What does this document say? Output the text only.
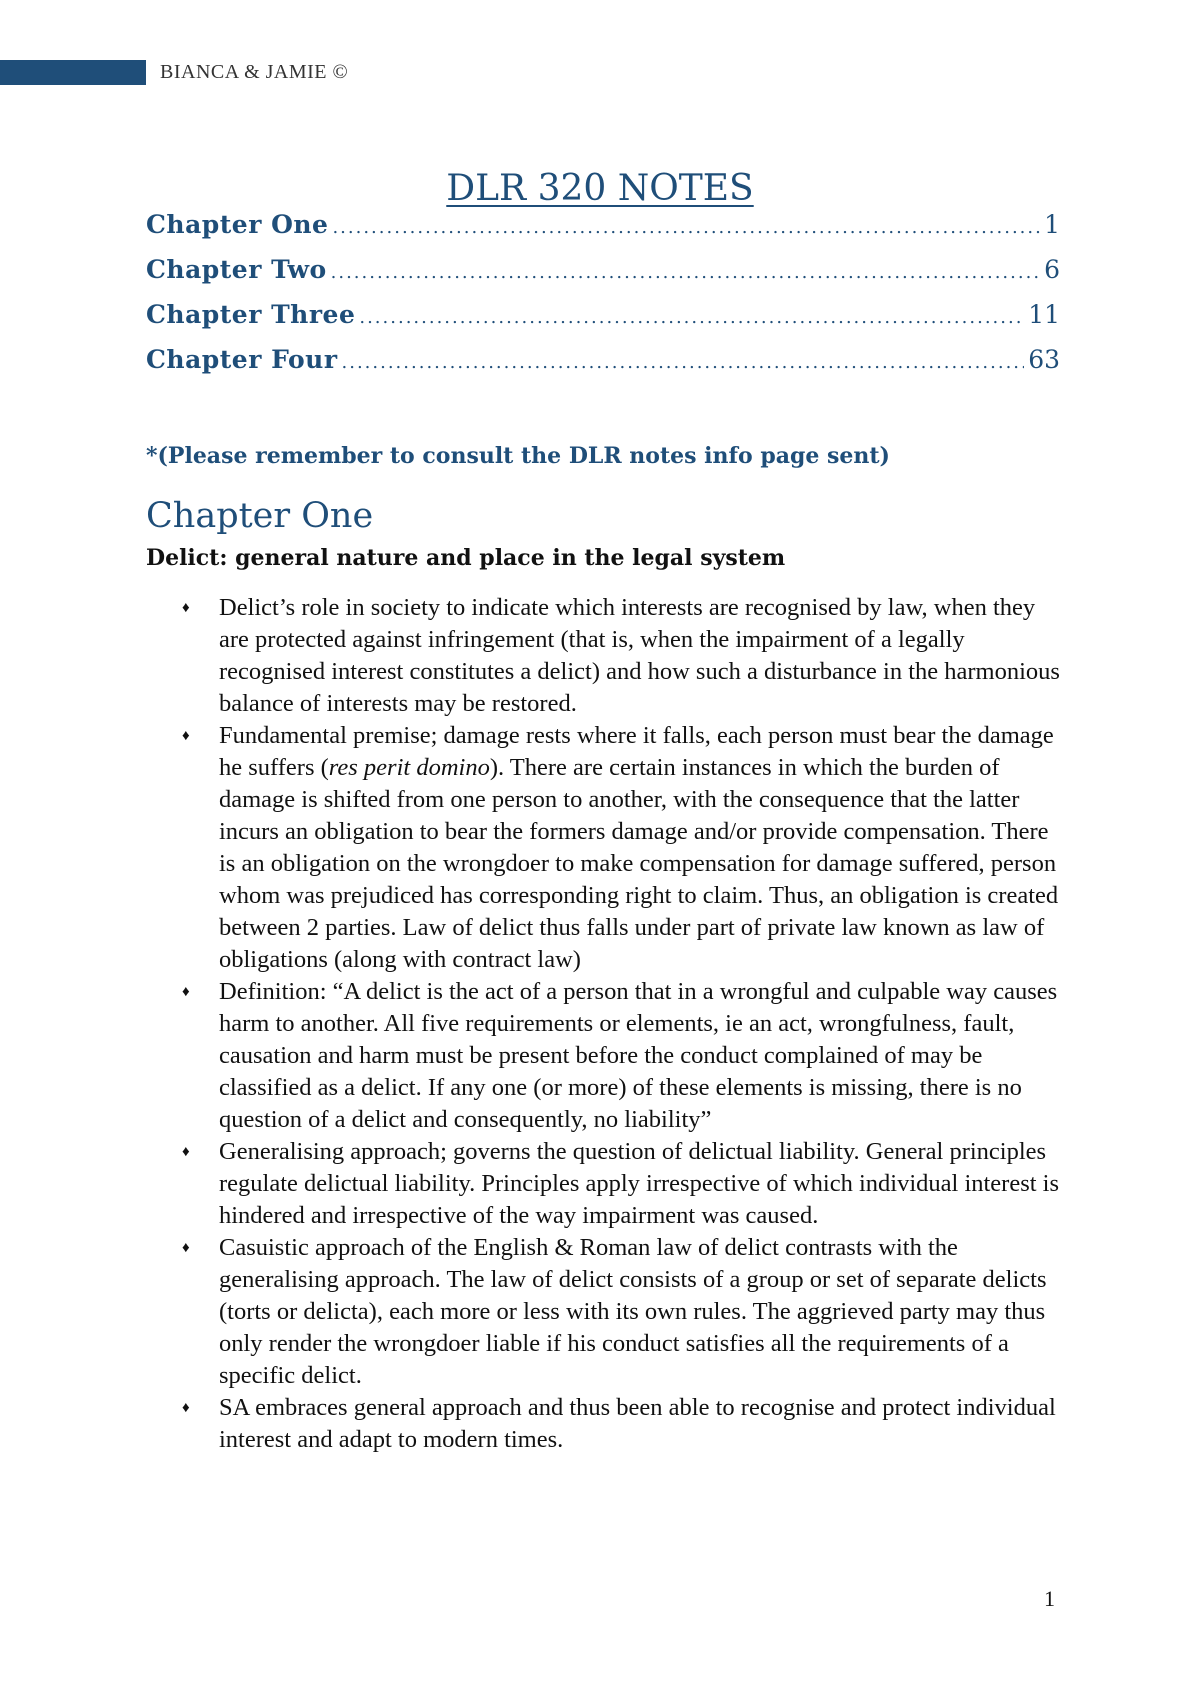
BIANCA & JAMIE ©
DLR 320 NOTES
Chapter One .....	1
Chapter Two .....	6
Chapter Three .....	11
Chapter Four .....	63
*(Please remember to consult the DLR notes info page sent)
Chapter One
Delict: general nature and place in the legal system
♦ Delict’s role in society to indicate which interests are recognised by law, when they are protected against infringement (that is, when the impairment of a legally recognised interest constitutes a delict) and how such a disturbance in the harmonious balance of interests may be restored.
♦ Fundamental premise; damage rests where it falls, each person must bear the damage he suffers (res perit domino). There are certain instances in which the burden of damage is shifted from one person to another, with the consequence that the latter incurs an obligation to bear the formers damage and/or provide compensation. There is an obligation on the wrongdoer to make compensation for damage suffered, person whom was prejudiced has corresponding right to claim. Thus, an obligation is created between 2 parties. Law of delict thus falls under part of private law known as law of obligations (along with contract law)
♦ Definition: “A delict is the act of a person that in a wrongful and culpable way causes harm to another. All five requirements or elements, ie an act, wrongfulness, fault, causation and harm must be present before the conduct complained of may be classified as a delict. If any one (or more) of these elements is missing, there is no question of a delict and consequently, no liability”
♦ Generalising approach; governs the question of delictual liability. General principles regulate delictual liability. Principles apply irrespective of which individual interest is hindered and irrespective of the way impairment was caused.
♦ Casuistic approach of the English & Roman law of delict contrasts with the generalising approach. The law of delict consists of a group or set of separate delicts (torts or delicta), each more or less with its own rules. The aggrieved party may thus only render the wrongdoer liable if his conduct satisfies all the requirements of a specific delict.
♦ SA embraces general approach and thus been able to recognise and protect individual interest and adapt to modern times.
1
